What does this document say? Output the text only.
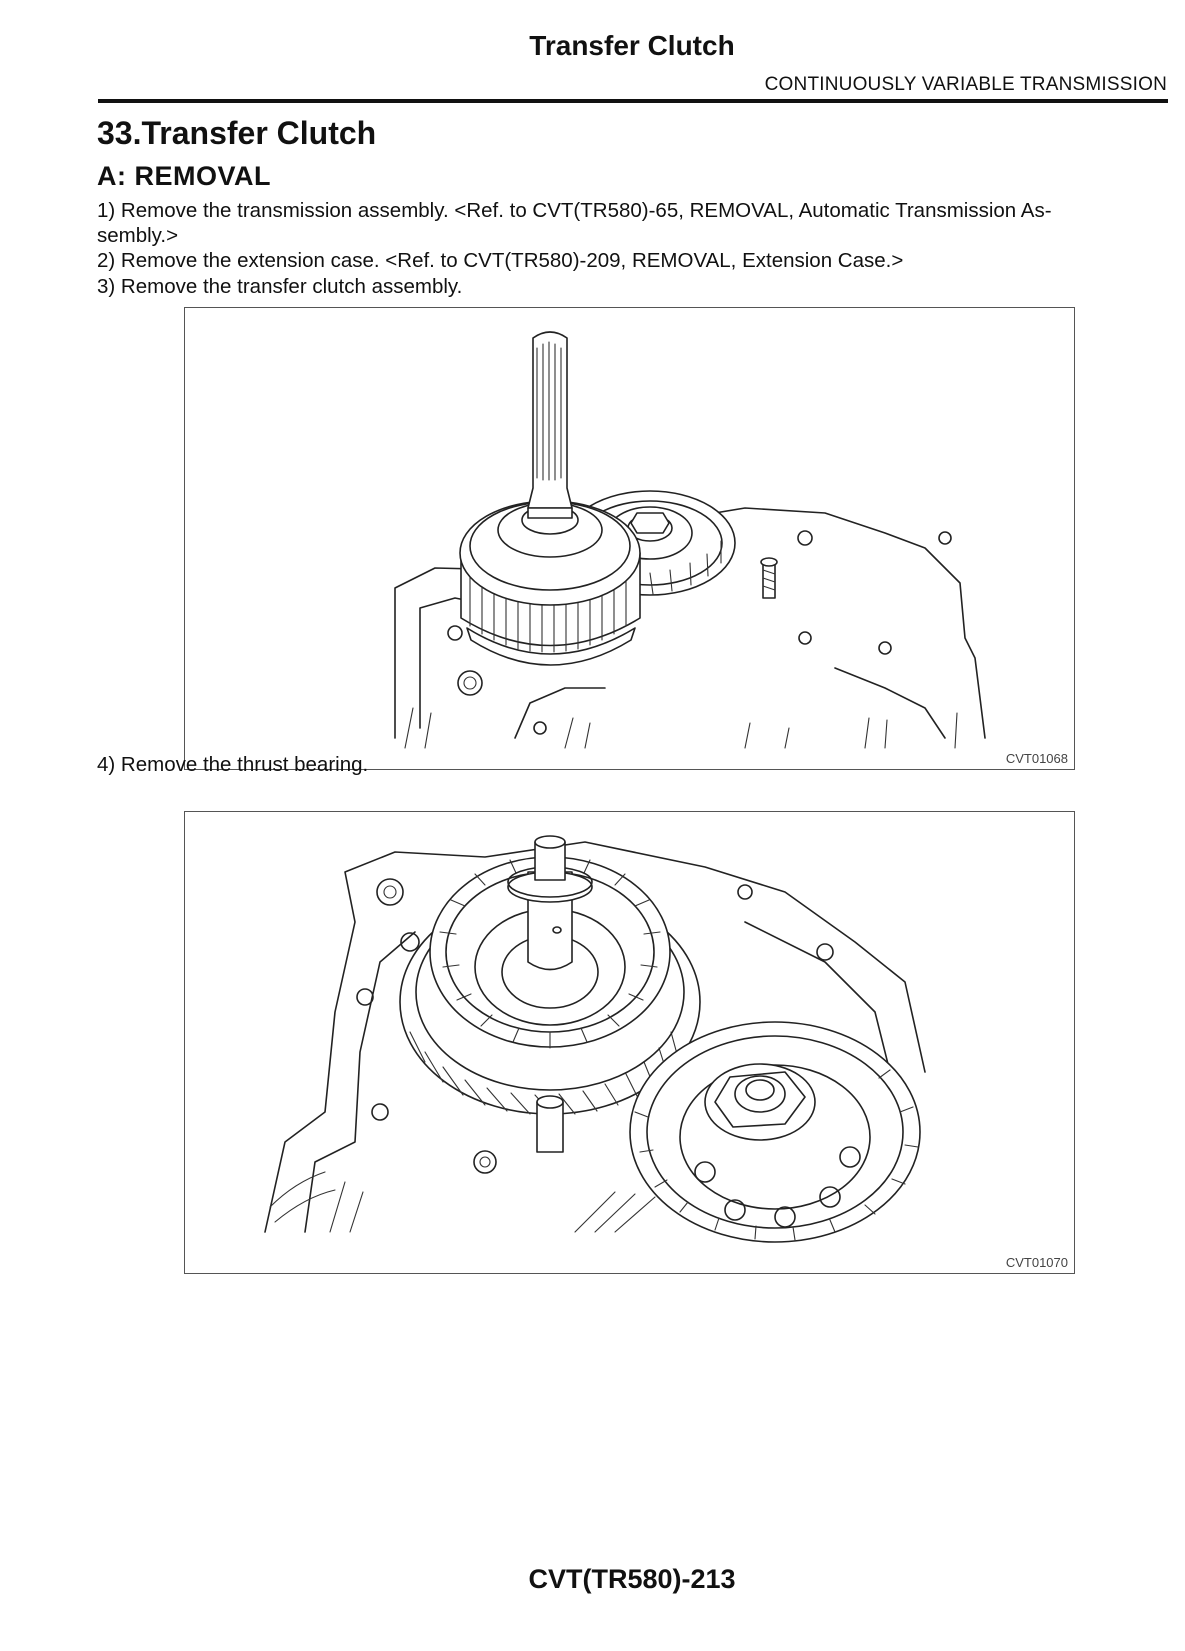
Transfer Clutch
CONTINUOUSLY VARIABLE TRANSMISSION
33.Transfer Clutch
A: REMOVAL
1) Remove the transmission assembly. <Ref. to CVT(TR580)-65, REMOVAL, Automatic Transmission As-
sembly.>
2) Remove the extension case. <Ref. to CVT(TR580)-209, REMOVAL, Extension Case.>
3) Remove the transfer clutch assembly.
CVT01068
4) Remove the thrust bearing.
CVT01070
CVT(TR580)-213
